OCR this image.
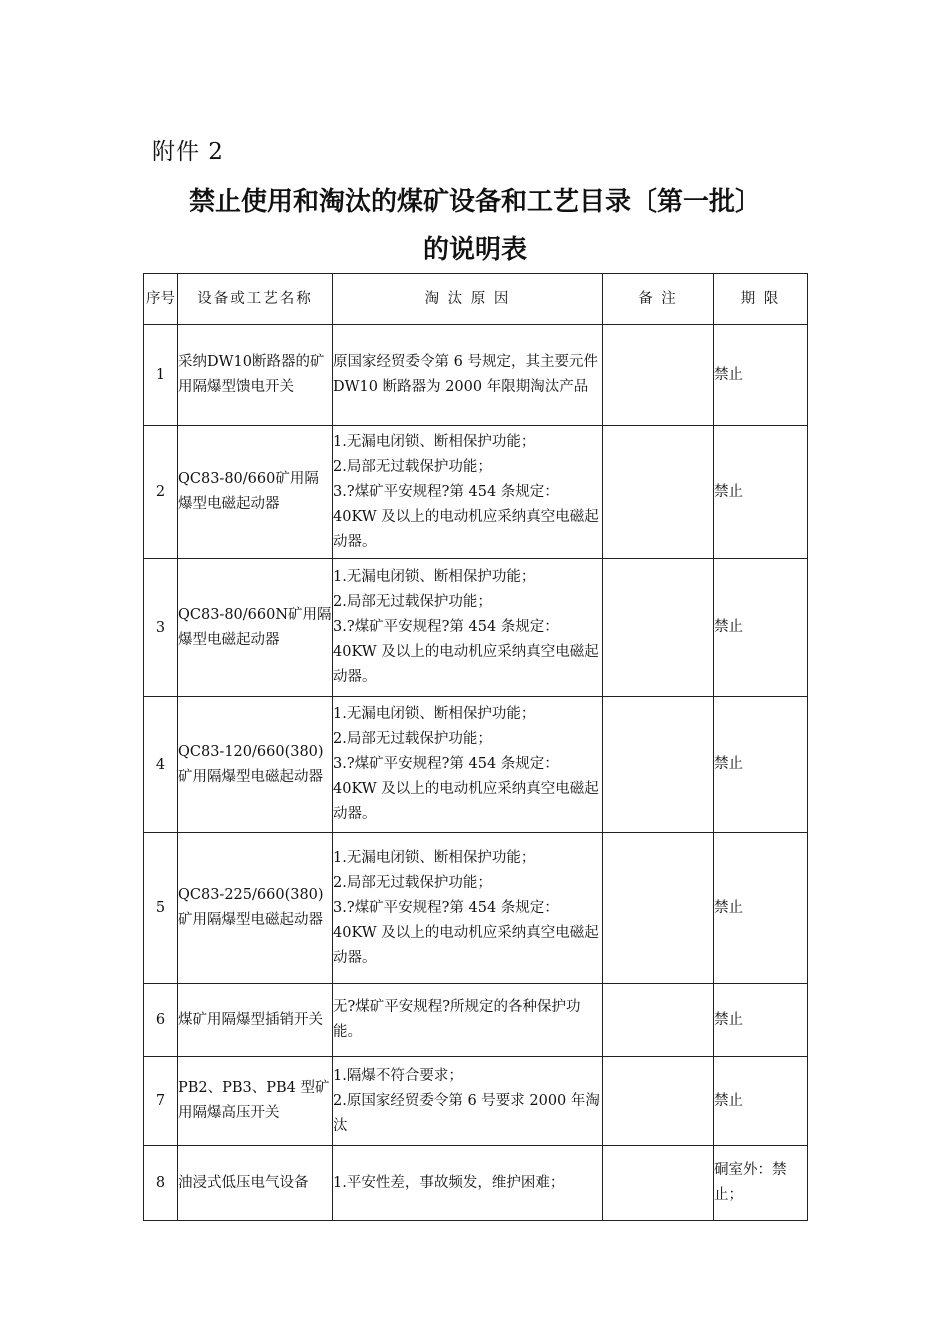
附件 2
禁止使用和淘汰的煤矿设备和工艺目录〔第一批〕
的说明表
序号	设备或工艺名称	淘 汰 原 因	备 注	期 限
1	采纳DW10断路器的矿用隔爆型馈电开关	原国家经贸委令第 6 号规定，其主要元件 DW10 断路器为 2000 年限期淘汰产品		禁止
2	QC83-80/660矿用隔爆型电磁起动器	1.无漏电闭锁、断相保护功能；
2.局部无过载保护功能；
3.?煤矿平安规程?第 454 条规定：40KW 及以上的电动机应采纳真空电磁起动器。		禁止
3	QC83-80/660N矿用隔爆型电磁起动器	1.无漏电闭锁、断相保护功能；
2.局部无过载保护功能；
3.?煤矿平安规程?第 454 条规定：40KW 及以上的电动机应采纳真空电磁起动器。		禁止
4	QC83-120/660(380)矿用隔爆型电磁起动器	1.无漏电闭锁、断相保护功能；
2.局部无过载保护功能；
3.?煤矿平安规程?第 454 条规定：40KW 及以上的电动机应采纳真空电磁起动器。		禁止
5	QC83-225/660(380)矿用隔爆型电磁起动器	1.无漏电闭锁、断相保护功能；
2.局部无过载保护功能；
3.?煤矿平安规程?第 454 条规定：40KW 及以上的电动机应采纳真空电磁起动器。		禁止
6	煤矿用隔爆型插销开关	无?煤矿平安规程?所规定的各种保护功能。		禁止
7	PB2、PB3、PB4 型矿用隔爆高压开关	1.隔爆不符合要求；
2.原国家经贸委令第 6 号要求 2000 年淘汰		禁止
8	油浸式低压电气设备	1.平安性差，事故频发，维护困难；		硐室外：禁止；
